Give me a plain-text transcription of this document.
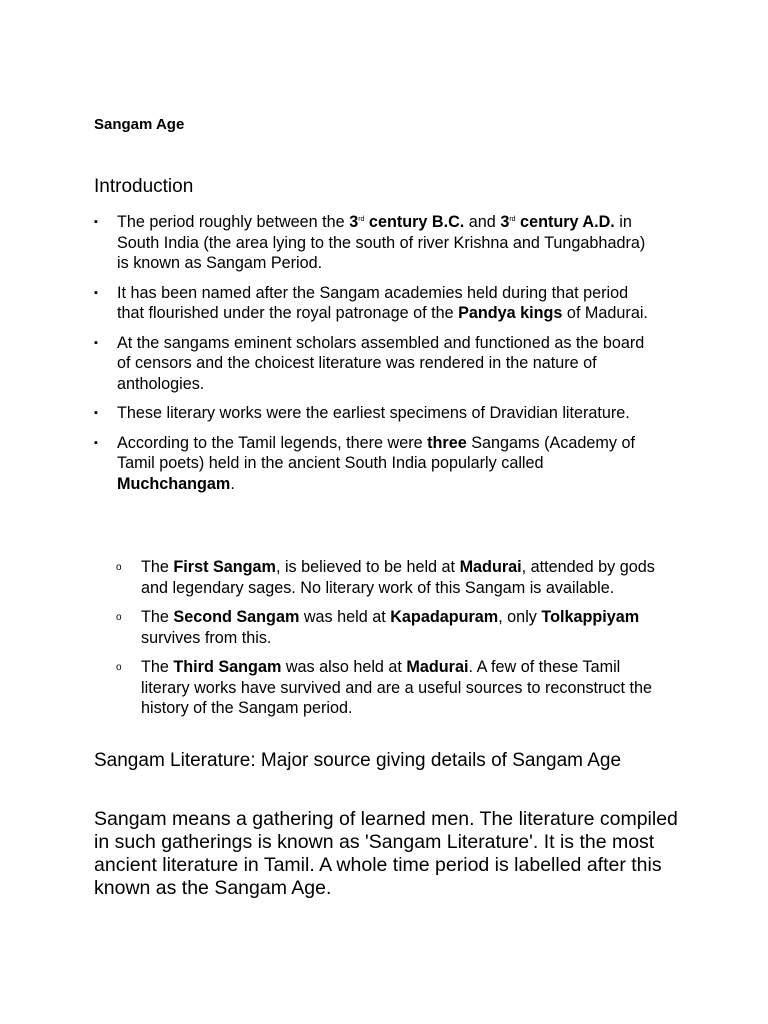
Sangam Age
Introduction
▪ The period roughly between the 3rd century B.C. and 3rd century A.D. in South India (the area lying to the south of river Krishna and Tungabhadra) is known as Sangam Period.
▪ It has been named after the Sangam academies held during that period that flourished under the royal patronage of the Pandya kings of Madurai.
▪ At the sangams eminent scholars assembled and functioned as the board of censors and the choicest literature was rendered in the nature of anthologies.
▪ These literary works were the earliest specimens of Dravidian literature.
▪ According to the Tamil legends, there were three Sangams (Academy of Tamil poets) held in the ancient South India popularly called Muchchangam.
o The First Sangam, is believed to be held at Madurai, attended by gods and legendary sages. No literary work of this Sangam is available.
o The Second Sangam was held at Kapadapuram, only Tolkappiyam survives from this.
o The Third Sangam was also held at Madurai. A few of these Tamil literary works have survived and are a useful sources to reconstruct the history of the Sangam period.
Sangam Literature: Major source giving details of Sangam Age

Sangam means a gathering of learned men. The literature compiled in such gatherings is known as 'Sangam Literature'. It is the most ancient literature in Tamil. A whole time period is labelled after this known as the Sangam Age.
